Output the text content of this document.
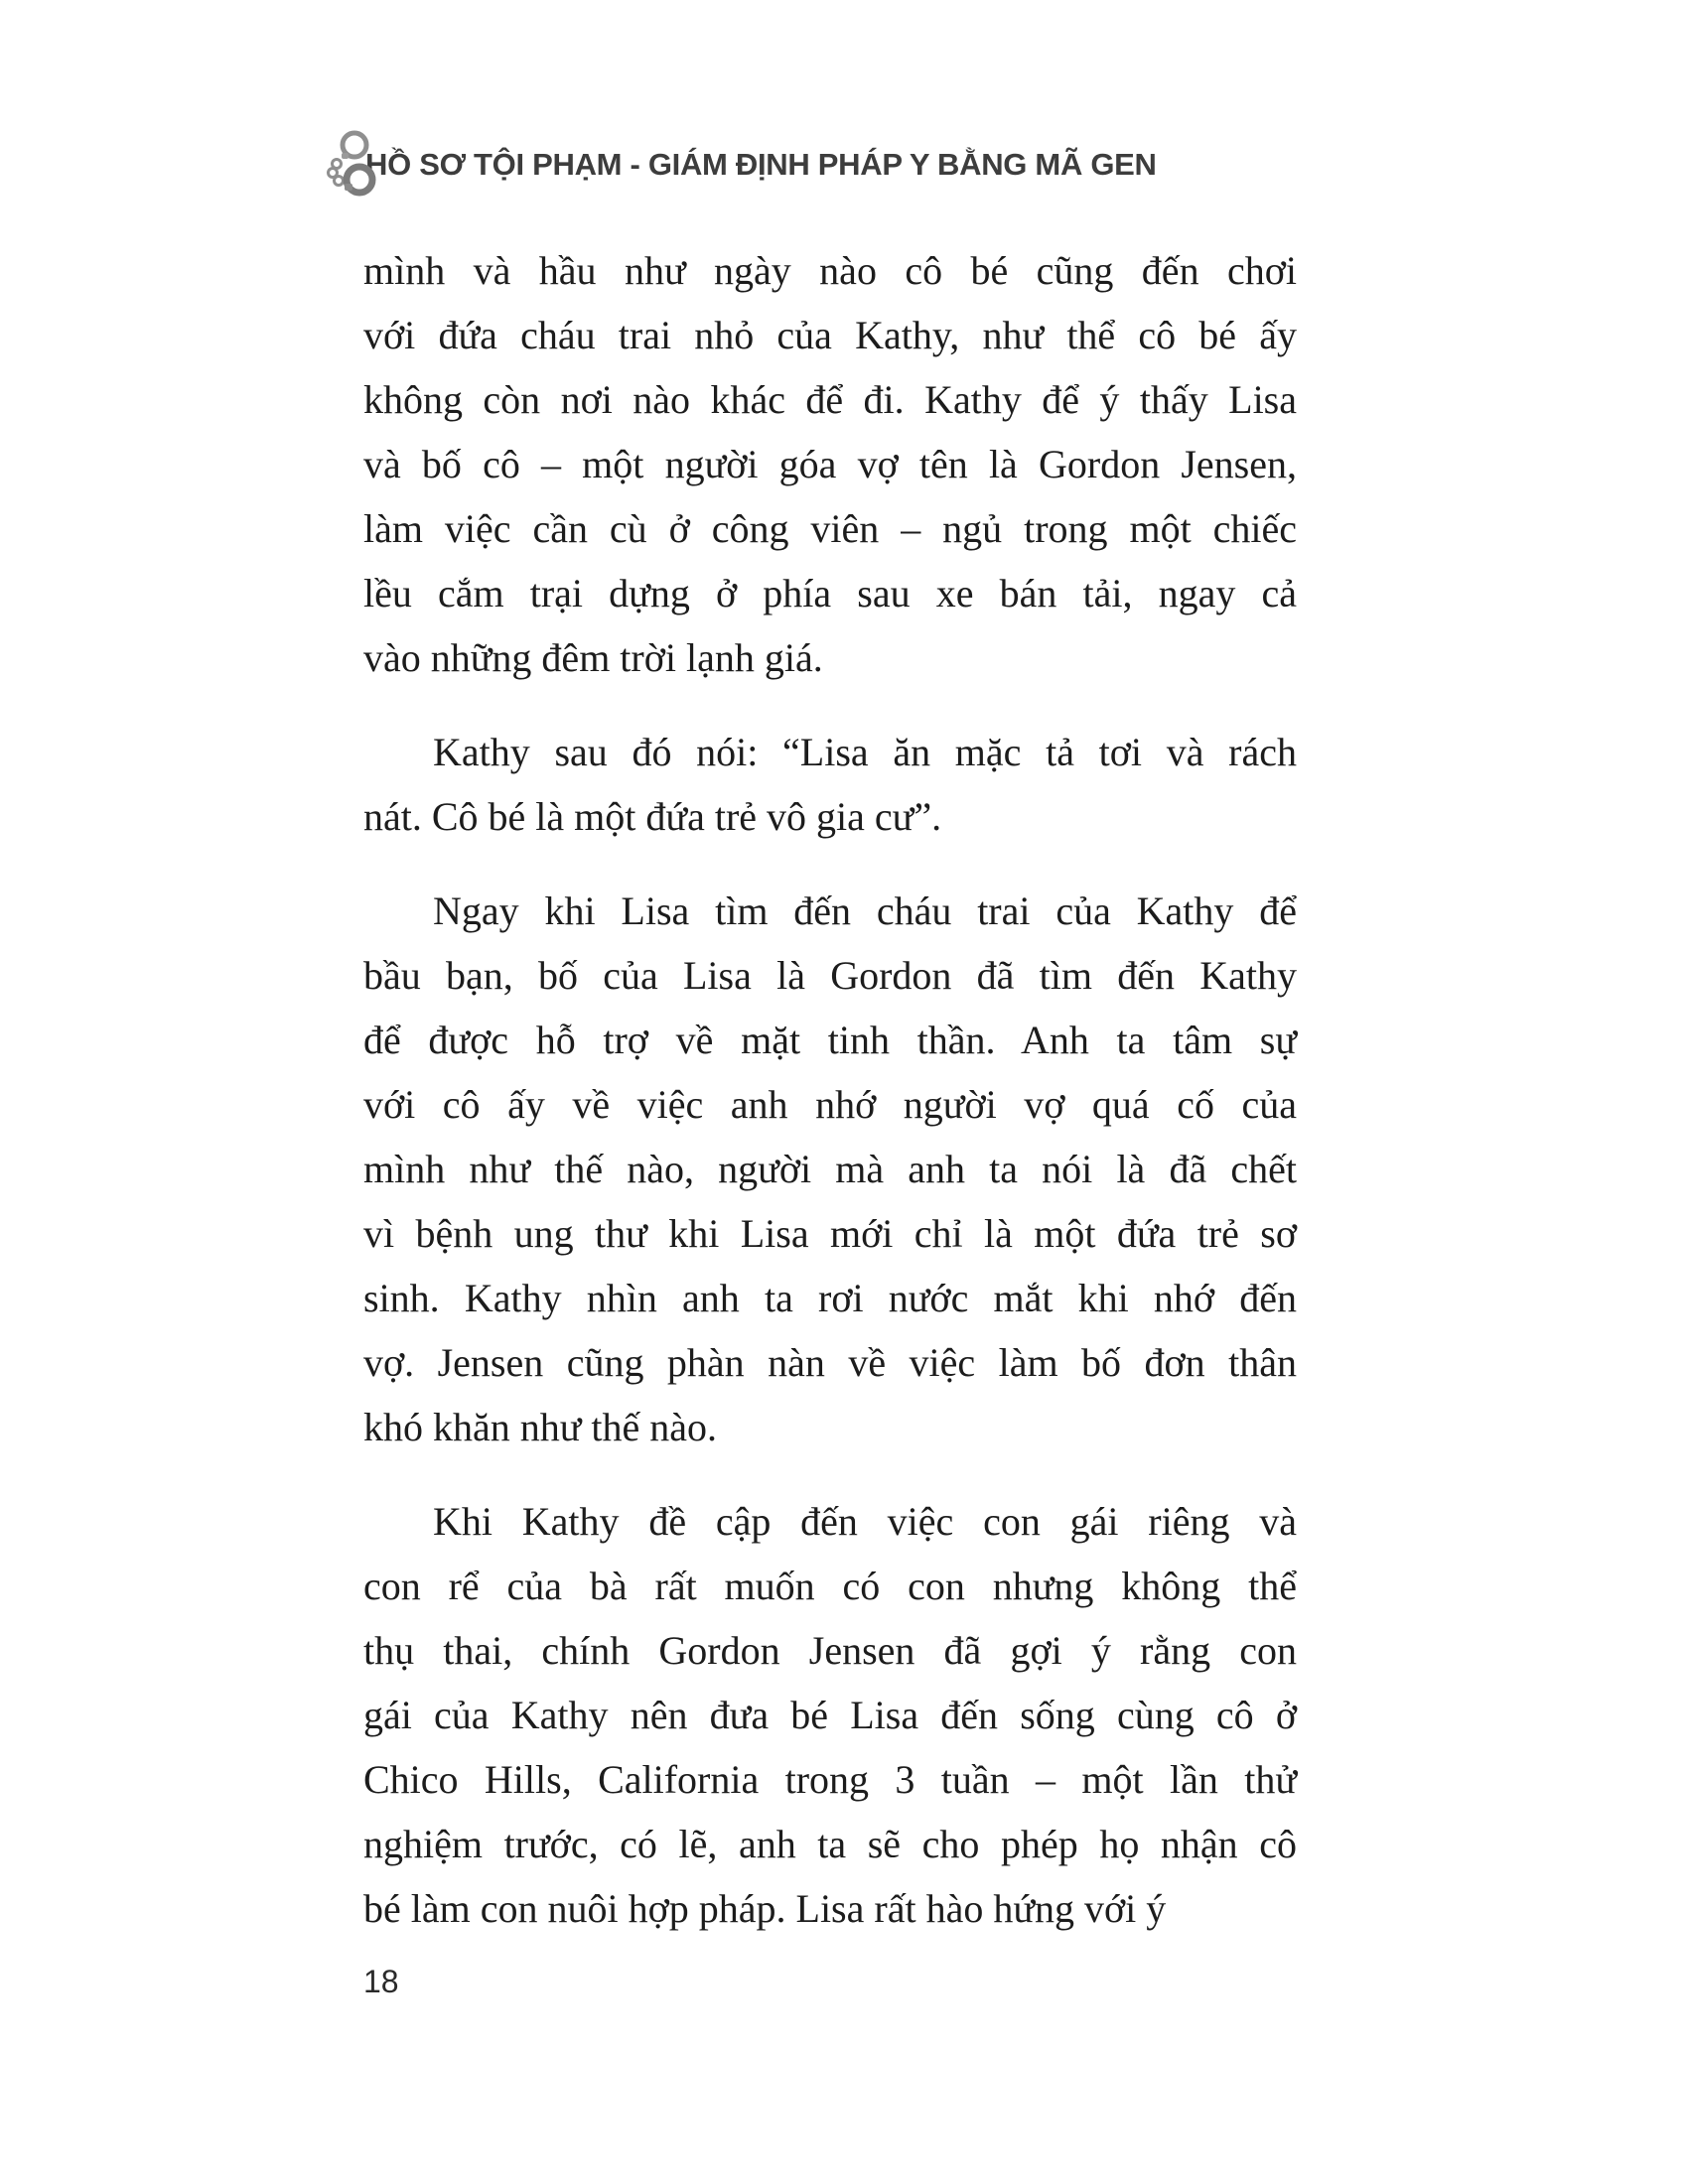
HỒ SƠ TỘI PHẠM - GIÁM ĐỊNH PHÁP Y BẰNG MÃ GEN
mình và hầu như ngày nào cô bé cũng đến chơi
với đứa cháu trai nhỏ của Kathy, như thể cô bé ấy
không còn nơi nào khác để đi. Kathy để ý thấy Lisa
và bố cô – một người góa vợ tên là Gordon Jensen,
làm việc cần cù ở công viên – ngủ trong một chiếc
lều cắm trại dựng ở phía sau xe bán tải, ngay cả
vào những đêm trời lạnh giá.
Kathy sau đó nói: “Lisa ăn mặc tả tơi và rách
nát. Cô bé là một đứa trẻ vô gia cư”.
Ngay khi Lisa tìm đến cháu trai của Kathy để
bầu bạn, bố của Lisa là Gordon đã tìm đến Kathy
để được hỗ trợ về mặt tinh thần. Anh ta tâm sự
với cô ấy về việc anh nhớ người vợ quá cố của
mình như thế nào, người mà anh ta nói là đã chết
vì bệnh ung thư khi Lisa mới chỉ là một đứa trẻ sơ
sinh. Kathy nhìn anh ta rơi nước mắt khi nhớ đến
vợ. Jensen cũng phàn nàn về việc làm bố đơn thân
khó khăn như thế nào.
Khi Kathy đề cập đến việc con gái riêng và
con rể của bà rất muốn có con nhưng không thể
thụ thai, chính Gordon Jensen đã gợi ý rằng con
gái của Kathy nên đưa bé Lisa đến sống cùng cô ở
Chico Hills, California trong 3 tuần – một lần thử
nghiệm trước, có lẽ, anh ta sẽ cho phép họ nhận cô
bé làm con nuôi hợp pháp. Lisa rất hào hứng với ý
18
